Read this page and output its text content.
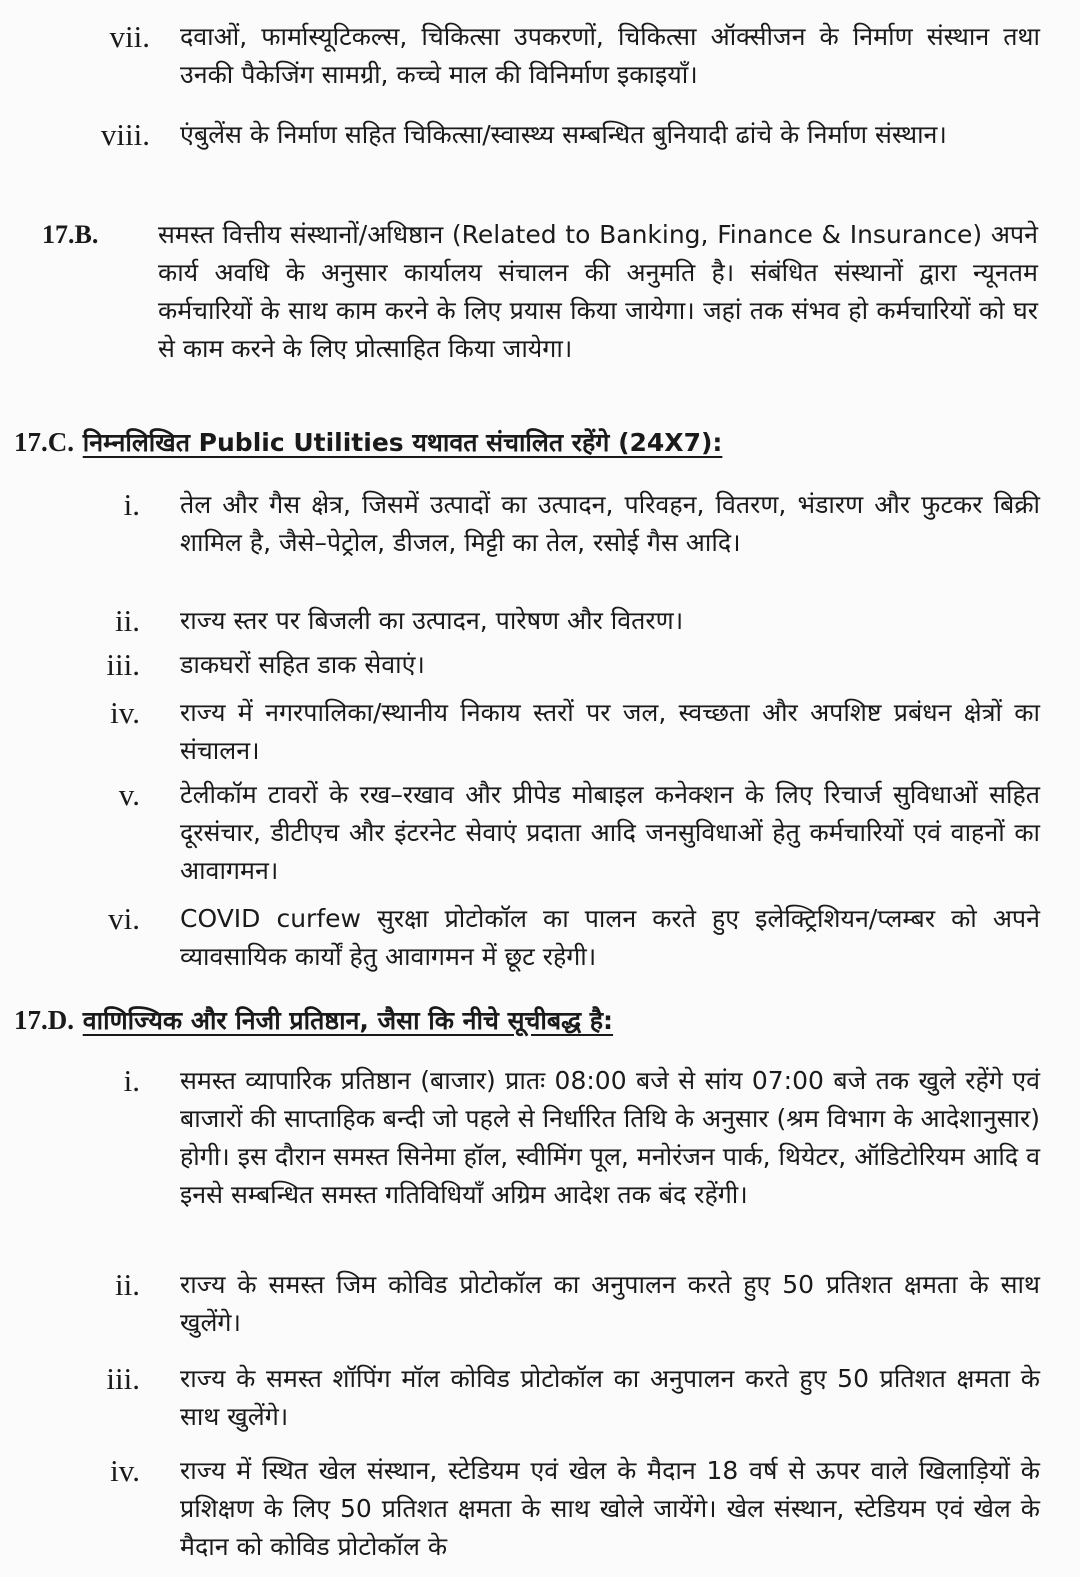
vii. दवाओं, फार्मास्यूटिकल्स, चिकित्सा उपकरणों, चिकित्सा ऑक्सीजन के निर्माण संस्थान तथा उनकी पैकेजिंग सामग्री, कच्चे माल की विनिर्माण इकाइयाँ।
viii. एंबुलेंस के निर्माण सहित चिकित्सा/स्वास्थ्य सम्बन्धित बुनियादी ढांचे के निर्माण संस्थान।
17.B.	समस्त वित्तीय संस्थानों/अधिष्ठान (Related to Banking, Finance & Insurance) अपने कार्य अवधि के अनुसार कार्यालय संचालन की अनुमति है। संबंधित संस्थानों द्वारा न्यूनतम कर्मचारियों के साथ काम करने के लिए प्रयास किया जायेगा। जहां तक संभव हो कर्मचारियों को घर से काम करने के लिए प्रोत्साहित किया जायेगा।
17.C. निम्नलिखित Public Utilities यथावत संचालित रहेंगे (24X7):
i. तेल और गैस क्षेत्र, जिसमें उत्पादों का उत्पादन, परिवहन, वितरण, भंडारण और फुटकर बिक्री शामिल है, जैसे–पेट्रोल, डीजल, मिट्टी का तेल, रसोई गैस आदि।
ii. राज्य स्तर पर बिजली का उत्पादन, पारेषण और वितरण।
iii. डाकघरों सहित डाक सेवाएं।
iv. राज्य में नगरपालिका/स्थानीय निकाय स्तरों पर जल, स्वच्छता और अपशिष्ट प्रबंधन क्षेत्रों का संचालन।
v. टेलीकॉम टावरों के रख–रखाव और प्रीपेड मोबाइल कनेक्शन के लिए रिचार्ज सुविधाओं सहित दूरसंचार, डीटीएच और इंटरनेट सेवाएं प्रदाता आदि जनसुविधाओं हेतु कर्मचारियों एवं वाहनों का आवागमन।
vi. COVID curfew सुरक्षा प्रोटोकॉल का पालन करते हुए इलेक्ट्रिशियन/प्लम्बर को अपने व्यावसायिक कार्यों हेतु आवागमन में छूट रहेगी।
17.D. वाणिज्यिक और निजी प्रतिष्ठान, जैसा कि नीचे सूचीबद्ध है:
i. समस्त व्यापारिक प्रतिष्ठान (बाजार) प्रातः 08:00 बजे से सांय 07:00 बजे तक खुले रहेंगे एवं बाजारों की साप्ताहिक बन्दी जो पहले से निर्धारित तिथि के अनुसार (श्रम विभाग के आदेशानुसार) होगी। इस दौरान समस्त सिनेमा हॉल, स्वीमिंग पूल, मनोरंजन पार्क, थियेटर, ऑडिटोरियम आदि व इनसे सम्बन्धित समस्त गतिविधियाँ अग्रिम आदेश तक बंद रहेंगी।
ii. राज्य के समस्त जिम कोविड प्रोटोकॉल का अनुपालन करते हुए 50 प्रतिशत क्षमता के साथ खुलेंगे।
iii. राज्य के समस्त शॉपिंग मॉल कोविड प्रोटोकॉल का अनुपालन करते हुए 50 प्रतिशत क्षमता के साथ खुलेंगे।
iv. राज्य में स्थित खेल संस्थान, स्टेडियम एवं खेल के मैदान 18 वर्ष से ऊपर वाले खिलाड़ियों के प्रशिक्षण के लिए 50 प्रतिशत क्षमता के साथ खोले जायेंगे। खेल संस्थान, स्टेडियम एवं खेल के मैदान को कोविड प्रोटोकॉल के
